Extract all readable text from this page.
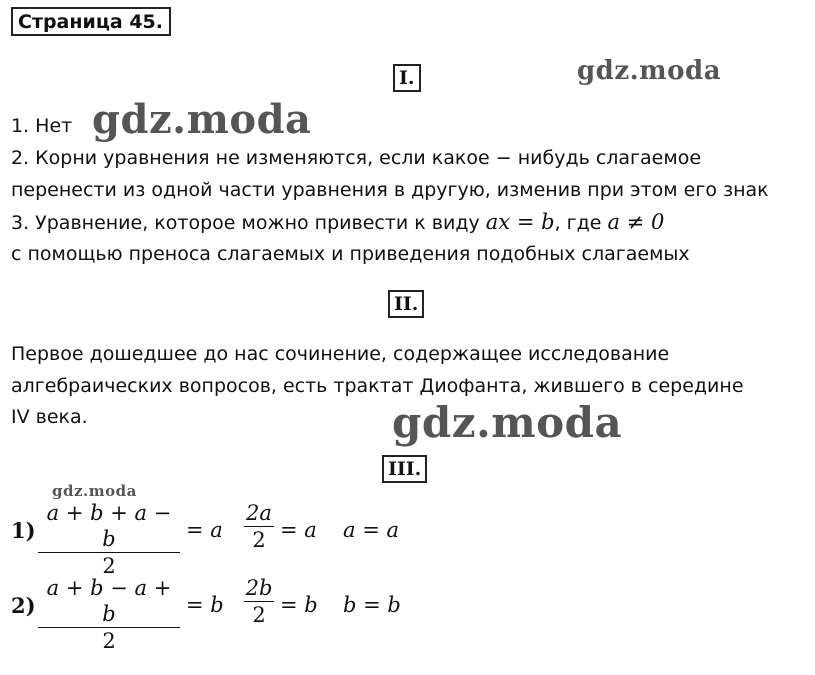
Страница 45.
gdz.moda
gdz.moda
gdz.moda
gdz.moda
I.
1. Нет
2. Корни уравнения не изменяются, если какое − нибудь слагаемое
перенести из одной части уравнения в другую, изменив при этом его знак
3. Уравнение, которое можно привести к виду ax = b, где a ≠ 0
с помощью преноса слагаемых и приведения подобных слагаемых
II.
Первое дошедшее до нас сочинение, содержащее исследование
алгебраических вопросов, есть трактат Диофанта, жившего в середине
IV века.
III.
1)
a + b + a − b
2
= a
2a
2 = a a = a
2)
a + b − a + b
2
= b
2b
2 = b b = b
